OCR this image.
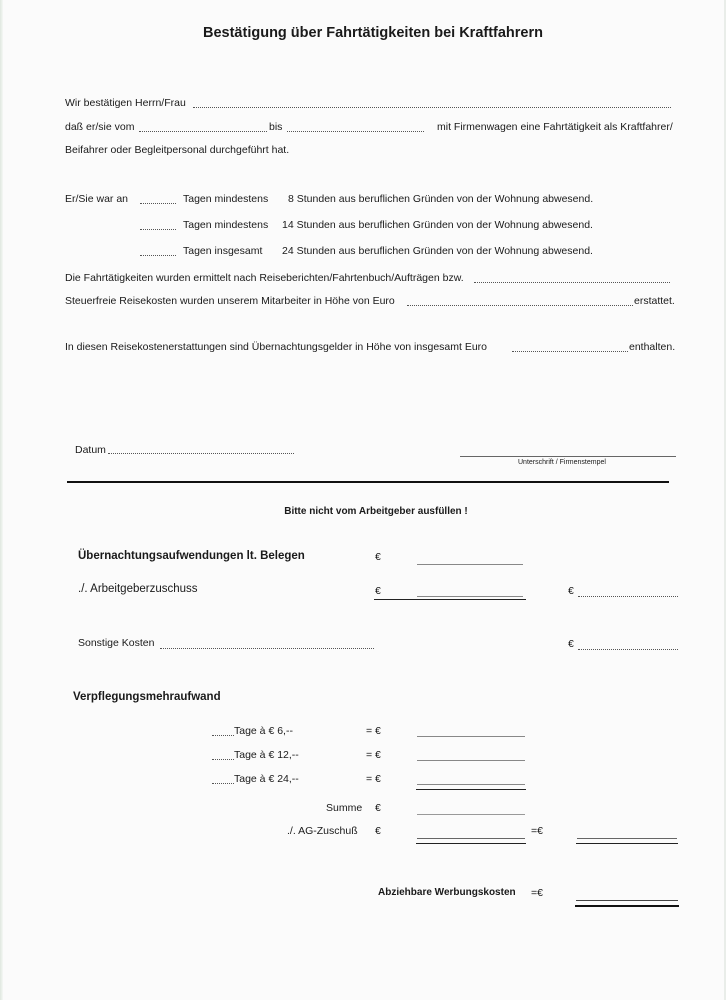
Bestätigung über Fahrtätigkeiten bei Kraftfahrern
Wir bestätigen Herrn/Frau
daß er/sie vom	bis	mit Firmenwagen eine Fahrtätigkeit als Kraftfahrer/
Beifahrer oder Begleitpersonal durchgeführt hat.
Er/Sie war an	Tagen mindestens 8 Stunden aus beruflichen Gründen von der Wohnung abwesend.
Tagen mindestens 14 Stunden aus beruflichen Gründen von der Wohnung abwesend.
Tagen insgesamt 24 Stunden aus beruflichen Gründen von der Wohnung abwesend.
Die Fahrtätigkeiten wurden ermittelt nach Reiseberichten/Fahrtenbuch/Aufträgen bzw.
Steuerfreie Reisekosten wurden unserem Mitarbeiter in Höhe von Euro	erstattet.
In diesen Reisekostenerstattungen sind Übernachtungsgelder in Höhe von insgesamt Euro	enthalten.
Datum
Unterschrift / Firmenstempel
Bitte nicht vom Arbeitgeber ausfüllen !
Übernachtungsaufwendungen lt. Belegen	€
./. Arbeitgeberzuschuss	€	€
Sonstige Kosten	€
Verpflegungsmehraufwand
Tage à € 6,--	= €
Tage à € 12,--	= €
Tage à € 24,--	= €
Summe €
./. AG-Zuschuß €	=€
Abziehbare Werbungskosten =€
